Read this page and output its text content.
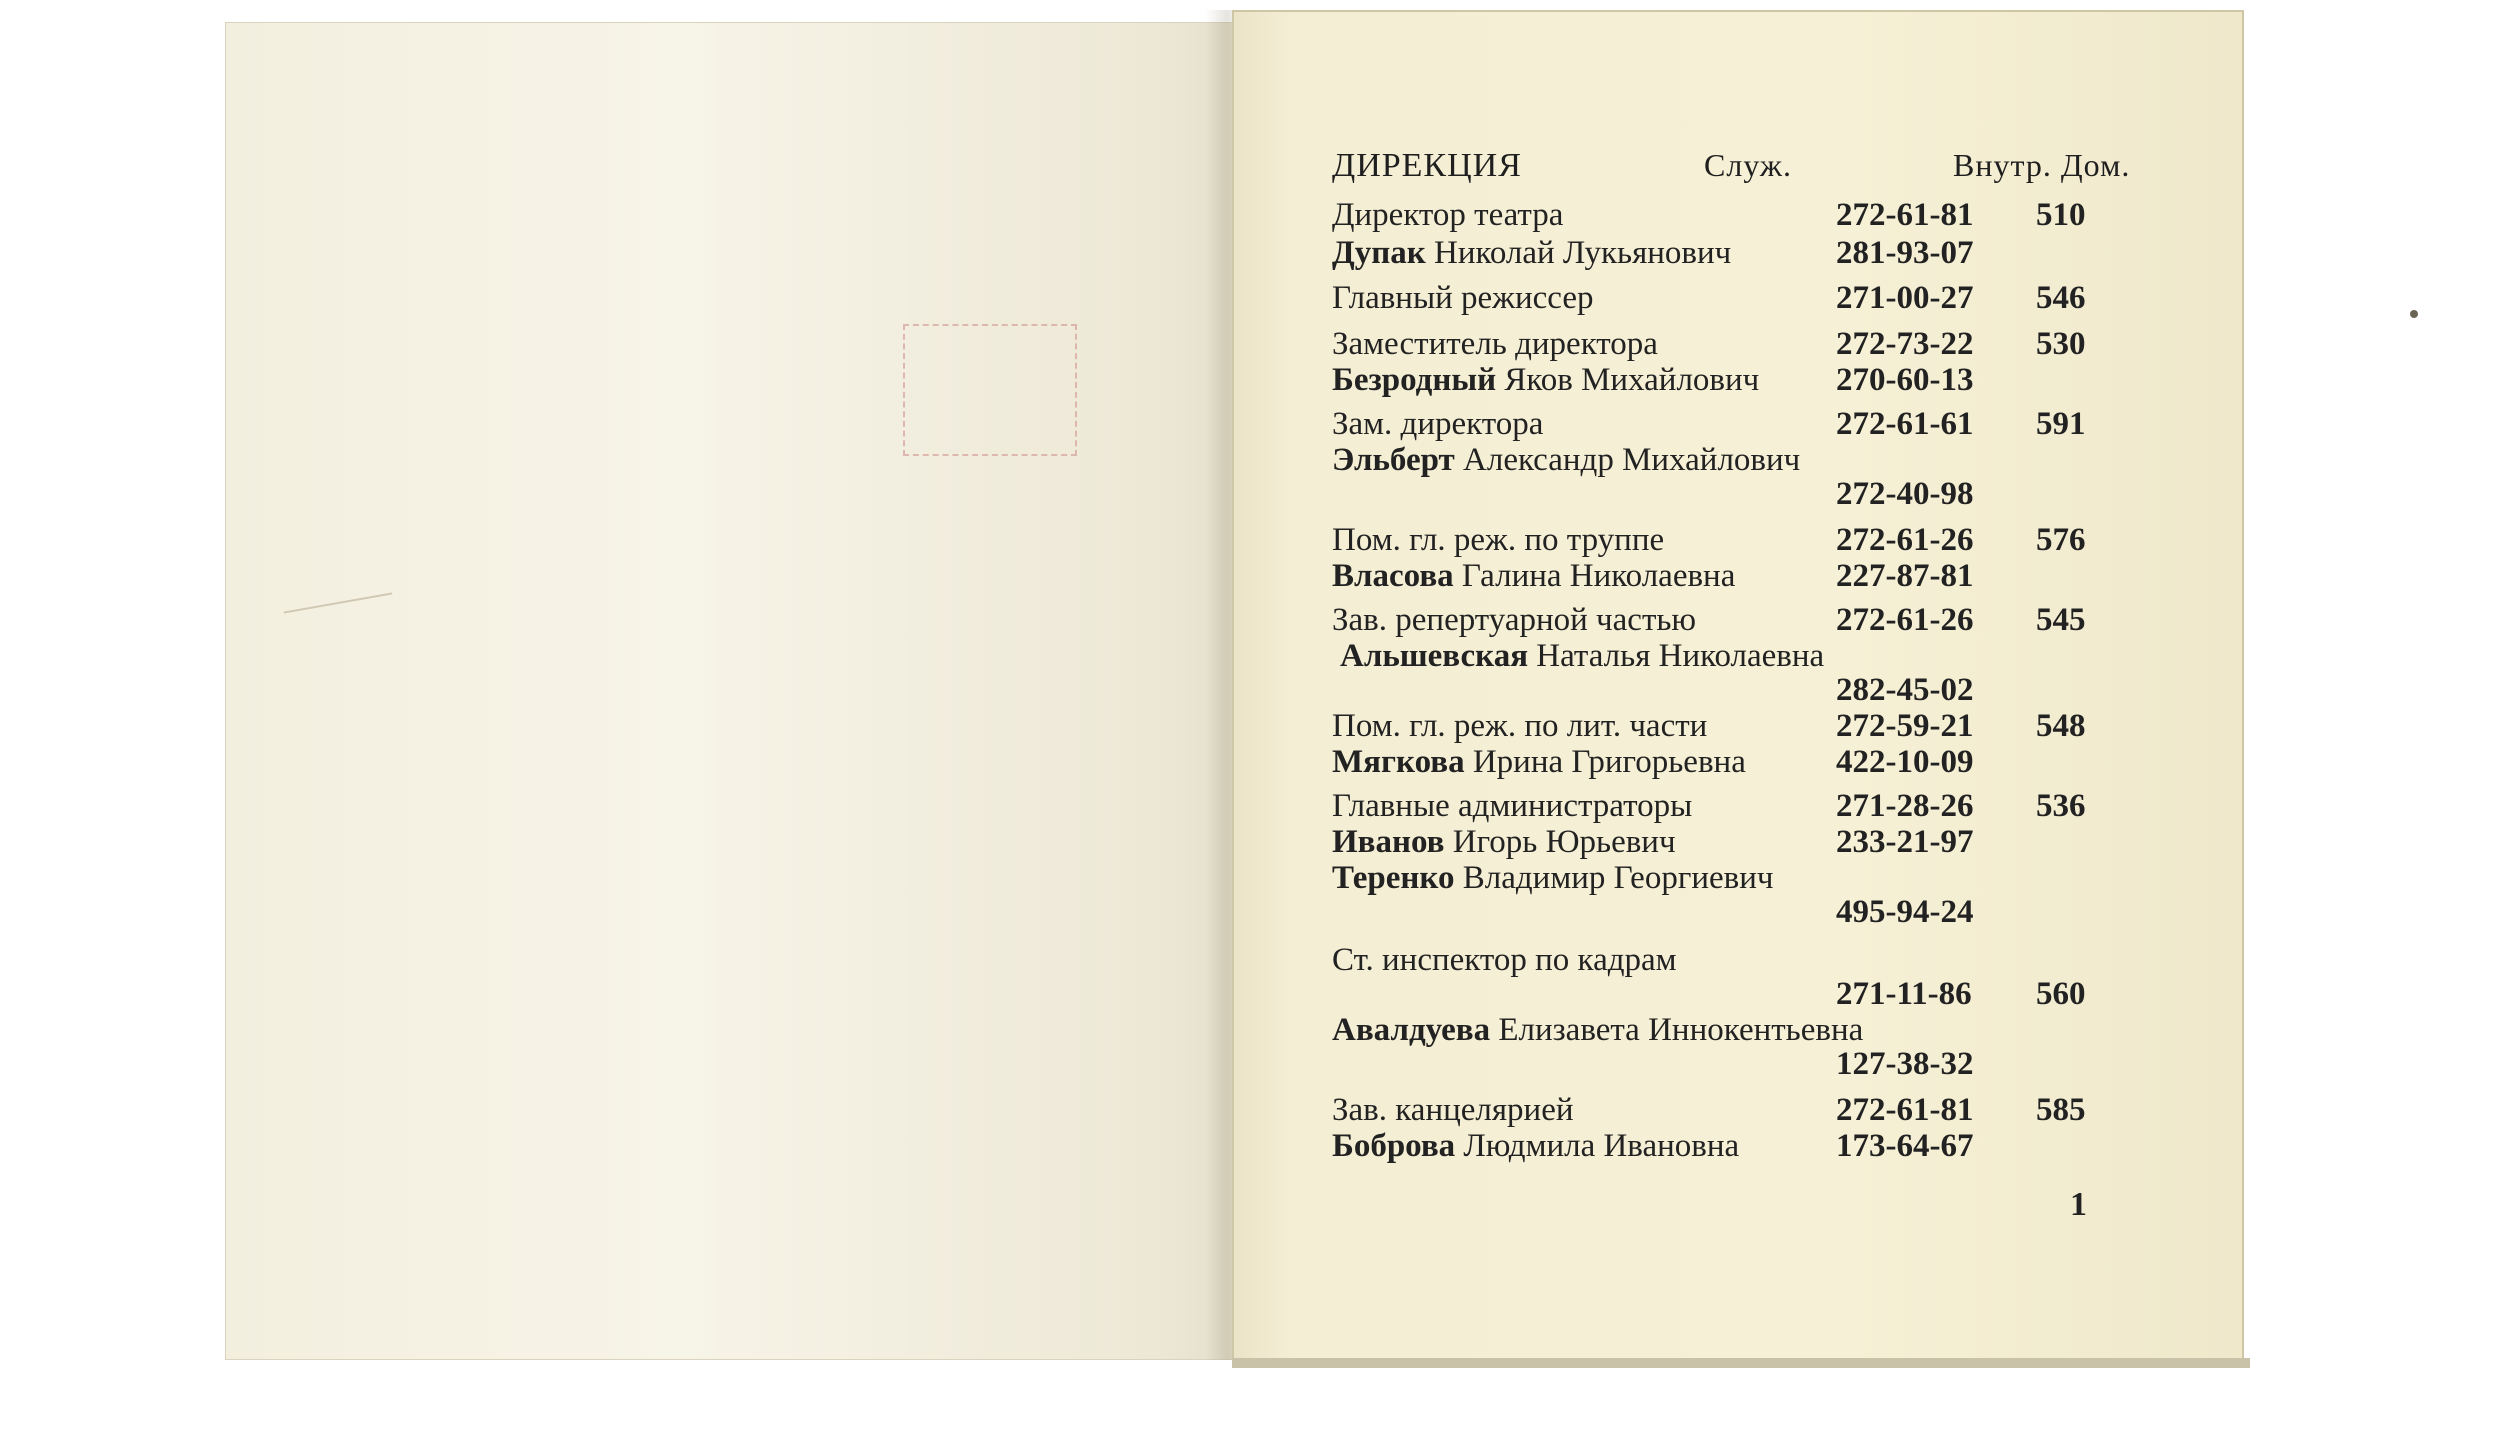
ДИРЕКЦИЯ	Служ.	Внутр. Дом.
Директор театра	272-61-81 510
Дупак Николай Лукьянович	281-93-07
Главный режиссер	271-00-27 546
Заместитель директора	272-73-22 530
Безродный Яков Михайлович 270-60-13
Зам. директора	272-61-61 591
Эльберт Александр Михайлович
272-40-98
Пом. гл. реж. по труппе	272-61-26 576
Власова Галина Николаевна	227-87-81
Зав. репертуарной частью	272-61-26 545
Альшевская Наталья Николаевна
282-45-02
Пом. гл. реж. по лит. части	272-59-21 548
Мягкова Ирина Григорьевна	422-10-09
Главные администраторы	271-28-26 536
Иванов Игорь Юрьевич	233-21-97
Теренко Владимир Георгиевич
495-94-24
Ст. инспектор по кадрам
271-11-86 560
Авалдуева Елизавета Иннокентьевна
127-38-32
Зав. канцелярией	272-61-81 585
Боброва Людмила Ивановна	173-64-67
1
